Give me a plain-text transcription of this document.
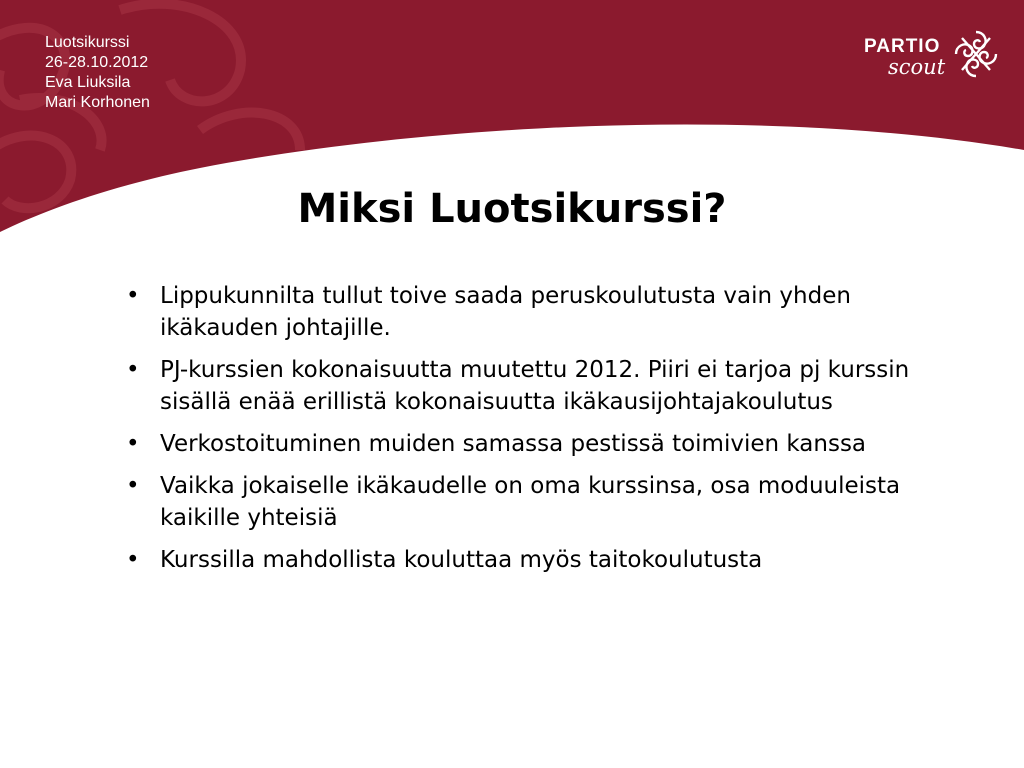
Luotsikurssi
26-28.10.2012
Eva Liuksila
Mari Korhonen
PARTIO
scout
Miksi Luotsikurssi?
• Lippukunnilta tullut toive saada peruskoulutusta vain yhden ikäkauden johtajille.
• PJ-kurssien kokonaisuutta muutettu 2012. Piiri ei tarjoa pj kurssin sisällä enää erillistä kokonaisuutta ikäkausijohtajakoulutus
• Verkostoituminen muiden samassa pestissä toimivien kanssa
• Vaikka jokaiselle ikäkaudelle on oma kurssinsa, osa moduuleista kaikille yhteisiä
• Kurssilla mahdollista kouluttaa myös taitokoulutusta
